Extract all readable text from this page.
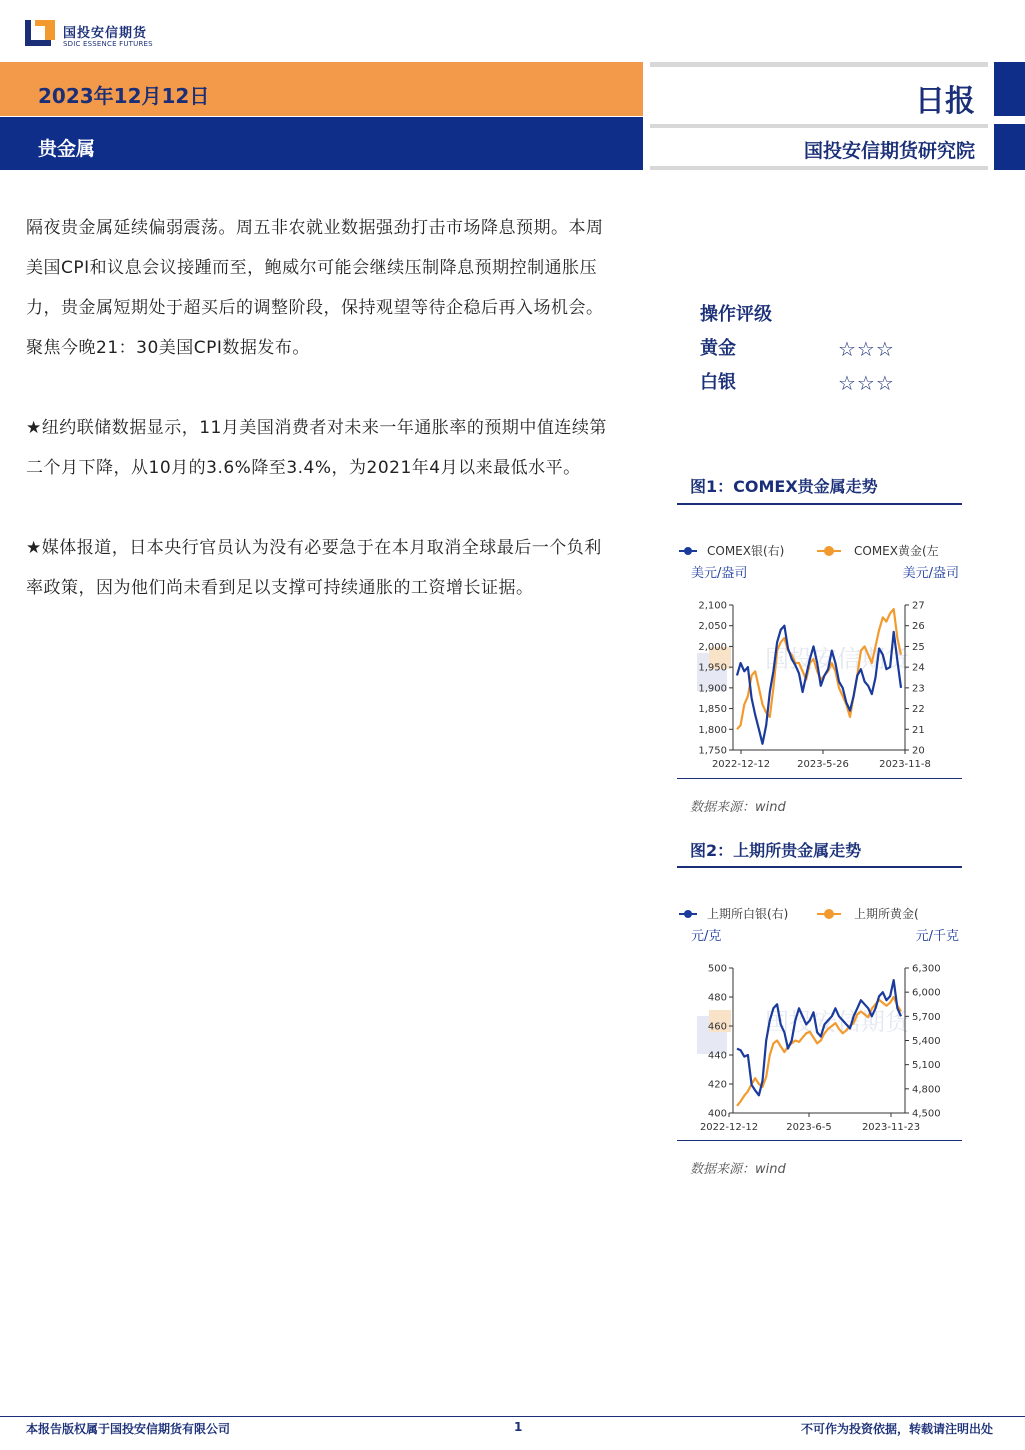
国投安信期货
SDIC ESSENCE FUTURES
2023年12月12日
贵金属
日报
国投安信期货研究院
隔夜贵金属延续偏弱震荡。周五非农就业数据强劲打击市场降息预期。本周美国CPI和议息会议接踵而至，鲍威尔可能会继续压制降息预期控制通胀压力，贵金属短期处于超买后的调整阶段，保持观望等待企稳后再入场机会。聚焦今晚21：30美国CPI数据发布。
★纽约联储数据显示，11月美国消费者对未来一年通胀率的预期中值连续第二个月下降，从10月的3.6%降至3.4%，为2021年4月以来最低水平。
★媒体报道，日本央行官员认为没有必要急于在本月取消全球最后一个负利率政策，因为他们尚未看到足以支撑可持续通胀的工资增长证据。
操作评级
黄金	☆☆☆
白银	☆☆☆
图1：COMEX贵金属走势
COMEX银(右)	COMEX黄金(左
美元/盎司	美元/盎司
国投安信期货
2,100
2,050
2,000
1,950
1,900
1,850
1,800
1,750
27
26
25
24
23
22
21
20
2022-12-12	2023-5-26	2023-11-8
数据来源：wind
图2：上期所贵金属走势
上期所白银(右)	上期所黄金(
元/克	元/千克
国投安信期货
500
480
460
440
420
400
6,300
6,000
5,700
5,400
5,100
4,800
4,500
2022-12-12	2023-6-5	2023-11-23
数据来源：wind
本报告版权属于国投安信期货有限公司	1	不可作为投资依据，转载请注明出处
